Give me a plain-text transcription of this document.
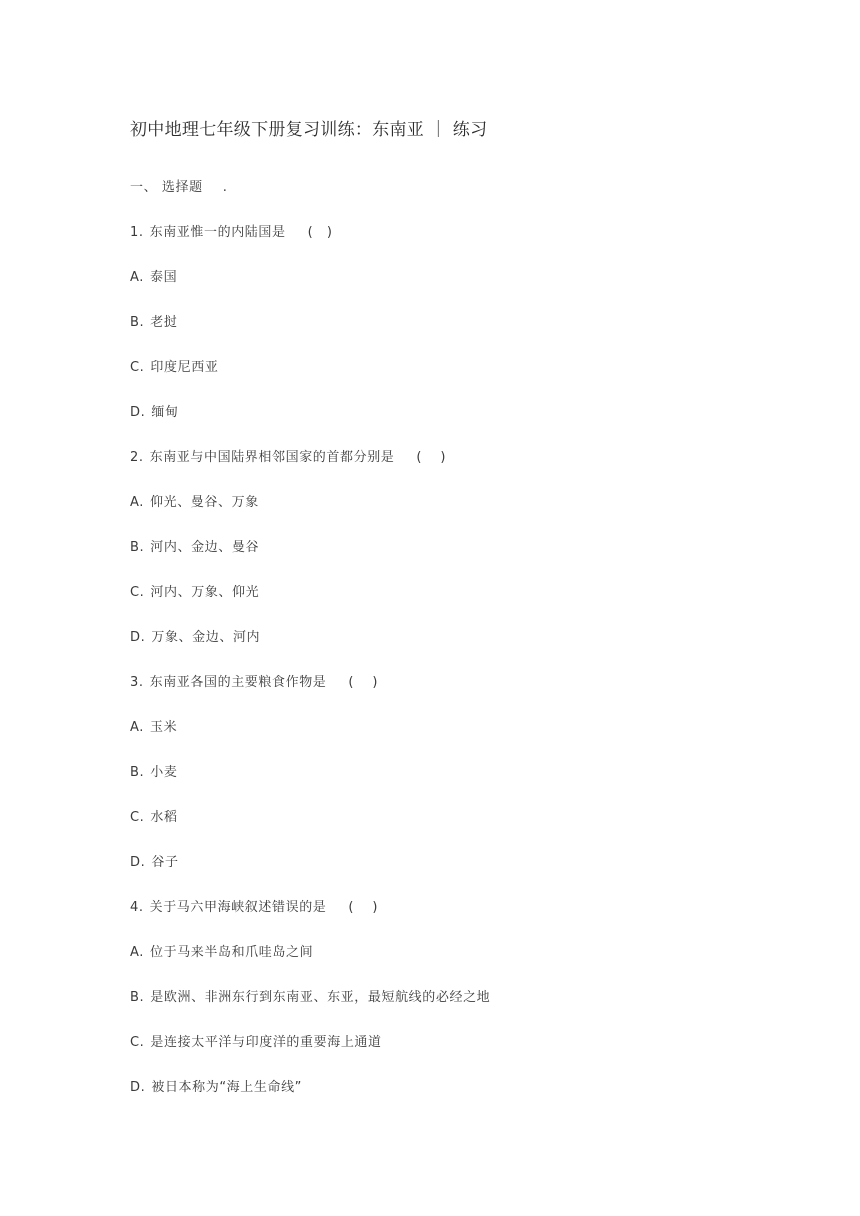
初中地理七年级下册复习训练：东南亚 ｜ 练习
一、 选择题 .
1. 东南亚惟一的内陆国是 (　)
A. 泰国
B. 老挝
C. 印度尼西亚
D. 缅甸
2. 东南亚与中国陆界相邻国家的首都分别是 (　 )
A. 仰光、曼谷、万象
B. 河内、金边、曼谷
C. 河内、万象、仰光
D. 万象、金边、河内
3. 东南亚各国的主要粮食作物是 (　 )
A. 玉米
B. 小麦
C. 水稻
D. 谷子
4. 关于马六甲海峡叙述错误的是 (　 )
A. 位于马来半岛和爪哇岛之间
B. 是欧洲、非洲东行到东南亚、东亚，最短航线的必经之地
C. 是连接太平洋与印度洋的重要海上通道
D. 被日本称为“海上生命线”
